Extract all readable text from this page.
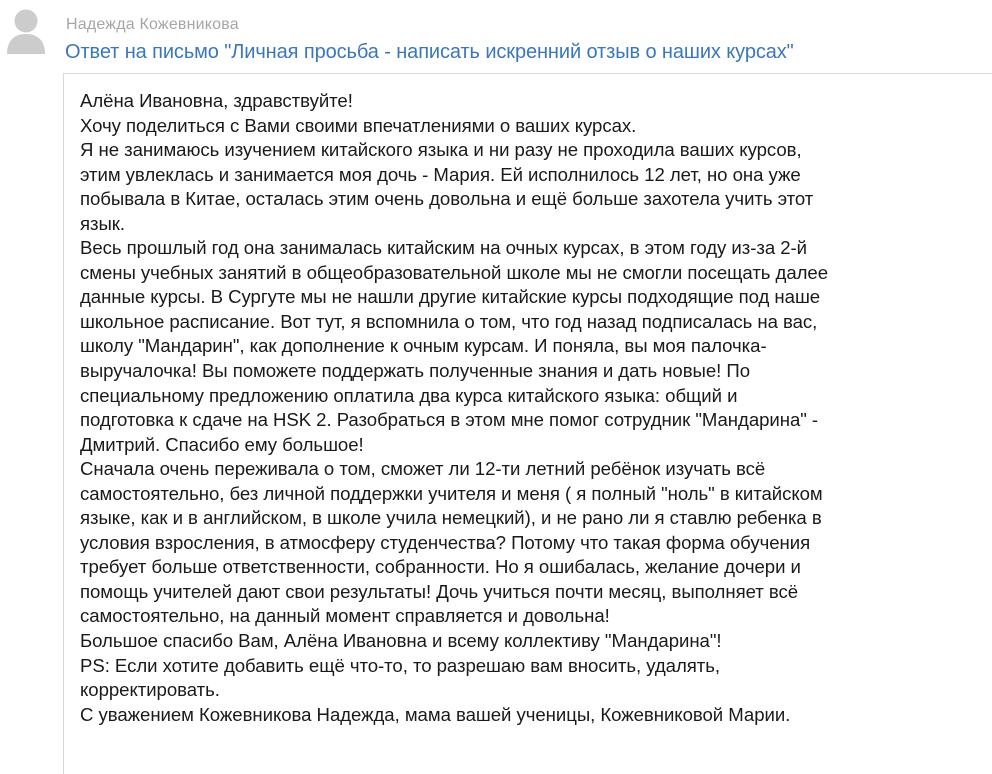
Надежда Кожевникова
Ответ на письмо "Личная просьба - написать искренний отзыв о наших курсах"
Алёна Ивановна, здравствуйте!
Хочу поделиться с Вами своими впечатлениями о ваших курсах.
Я не занимаюсь изучением китайского языка и ни разу не проходила ваших курсов,
этим увлеклась и занимается моя дочь - Мария. Ей исполнилось 12 лет, но она уже
побывала в Китае, осталась этим очень довольна и ещё больше захотела учить этот
язык.
Весь прошлый год она занималась китайским на очных курсах, в этом году из-за 2-й
смены учебных занятий в общеобразовательной школе мы не смогли посещать далее
данные курсы. В Сургуте мы не нашли другие китайские курсы подходящие под наше
школьное расписание. Вот тут, я вспомнила о том, что год назад подписалась на вас,
школу "Мандарин", как дополнение к очным курсам. И поняла, вы моя палочка-
выручалочка! Вы поможете поддержать полученные знания и дать новые! По
специальному предложению оплатила два курса китайского языка: общий и
подготовка к сдаче на HSK 2. Разобраться в этом мне помог сотрудник "Мандарина" -
Дмитрий. Спасибо ему большое!
Сначала очень переживала о том, сможет ли 12-ти летний ребёнок изучать всё
самостоятельно, без личной поддержки учителя и меня ( я полный "ноль" в китайском
языке, как и в английском, в школе учила немецкий), и не рано ли я ставлю ребенка в
условия взросления, в атмосферу студенчества? Потому что такая форма обучения
требует больше ответственности, собранности. Но я ошибалась, желание дочери и
помощь учителей дают свои результаты! Дочь учиться почти месяц, выполняет всё
самостоятельно, на данный момент справляется и довольна!
Большое спасибо Вам, Алёна Ивановна и всему коллективу "Мандарина"!
PS: Если хотите добавить ещё что-то, то разрешаю вам вносить, удалять,
корректировать.
С уважением Кожевникова Надежда, мама вашей ученицы, Кожевниковой Марии.
